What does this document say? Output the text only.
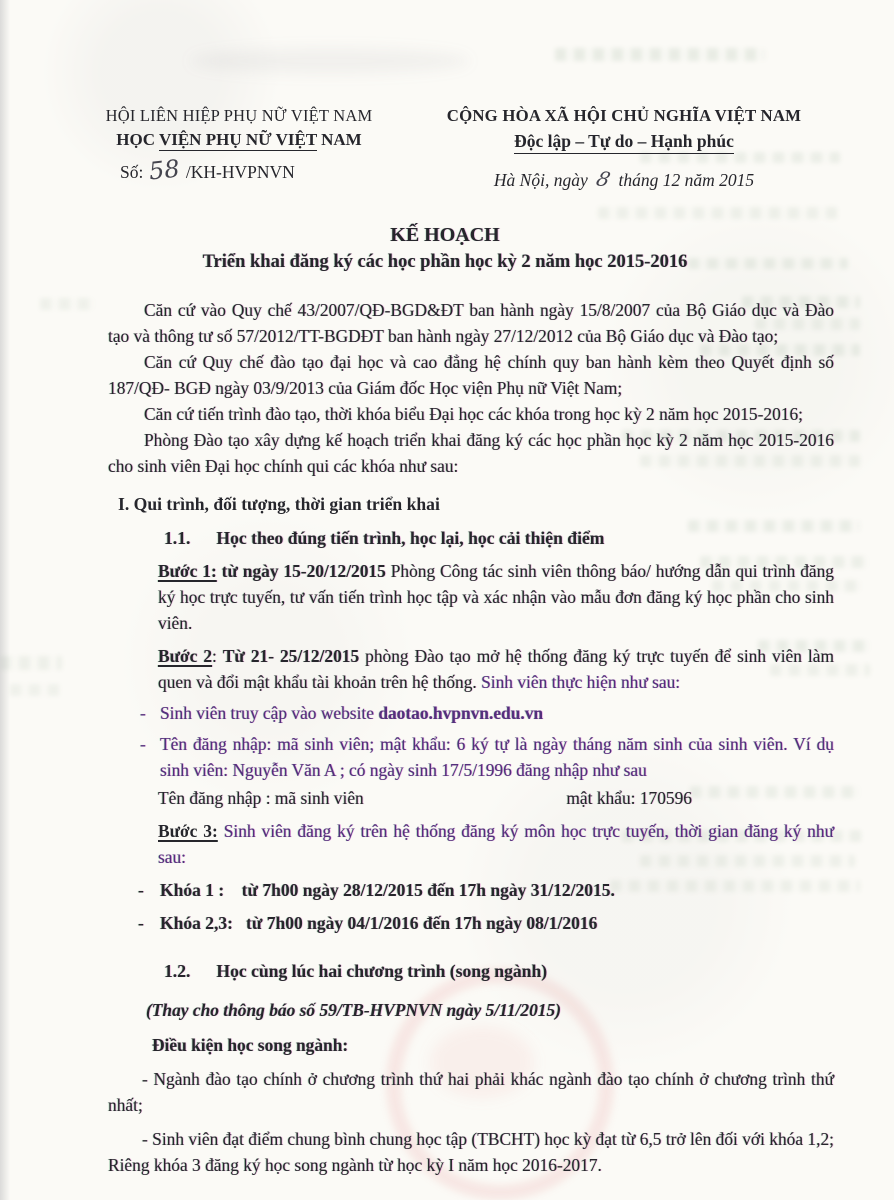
HỘI LIÊN HIỆP PHỤ NỮ VIỆT NAM
HỌC VIỆN PHỤ NỮ VIỆT NAM
Số: 58 /KH-HVPNVN
CỘNG HÒA XÃ HỘI CHỦ NGHĨA VIỆT NAM
Độc lập – Tự do – Hạnh phúc
Hà Nội, ngày 8 tháng 12 năm 2015
KẾ HOẠCH
Triển khai đăng ký các học phần học kỳ 2 năm học 2015-2016

Căn cứ vào Quy chế 43/2007/QĐ-BGD&ĐT ban hành ngày 15/8/2007 của Bộ Giáo dục và Đào tạo và thông tư số 57/2012/TT-BGDĐT ban hành ngày 27/12/2012 của Bộ Giáo dục và Đào tạo;

Căn cứ Quy chế đào tạo đại học và cao đẳng hệ chính quy ban hành kèm theo Quyết định số 187/QĐ- BGĐ ngày 03/9/2013 của Giám đốc Học viện Phụ nữ Việt Nam;

Căn cứ tiến trình đào tạo, thời khóa biểu Đại học các khóa trong học kỳ 2 năm học 2015-2016;

Phòng Đào tạo xây dựng kế hoạch triển khai đăng ký các học phần học kỳ 2 năm học 2015-2016 cho sinh viên Đại học chính qui các khóa như sau:

I. Qui trình, đối tượng, thời gian triển khai
1.1. Học theo đúng tiến trình, học lại, học cải thiện điểm

Bước 1: từ ngày 15-20/12/2015 Phòng Công tác sinh viên thông báo/ hướng dẫn qui trình đăng ký học trực tuyến, tư vấn tiến trình học tập và xác nhận vào mẫu đơn đăng ký học phần cho sinh viên.

Bước 2: Từ 21- 25/12/2015 phòng Đào tạo mở hệ thống đăng ký trực tuyến để sinh viên làm quen và đổi mật khẩu tài khoản trên hệ thống. Sinh viên thực hiện như sau:

- Sinh viên truy cập vào website daotao.hvpnvn.edu.vn
- Tên đăng nhập: mã sinh viên; mật khẩu: 6 ký tự là ngày tháng năm sinh của sinh viên. Ví dụ sinh viên: Nguyễn Văn A ; có ngày sinh 17/5/1996 đăng nhập như sau
Tên đăng nhập : mã sinh viên	mật khẩu: 170596

Bước 3: Sinh viên đăng ký trên hệ thống đăng ký môn học trực tuyến, thời gian đăng ký như sau:

- Khóa 1 :    từ 7h00 ngày 28/12/2015 đến 17h ngày 31/12/2015.
- Khóa 2,3:   từ 7h00 ngày 04/1/2016 đến 17h ngày 08/1/2016
1.2. Học cùng lúc hai chương trình (song ngành)
(Thay cho thông báo số 59/TB-HVPNVN ngày 5/11/2015)
Điều kiện học song ngành:

- Ngành đào tạo chính ở chương trình thứ hai phải khác ngành đào tạo chính ở chương trình thứ nhất;

- Sinh viên đạt điểm chung bình chung học tập (TBCHT) học kỳ đạt từ 6,5 trở lên đối với khóa 1,2; Riêng khóa 3 đăng ký học song ngành từ học kỳ I năm học 2016-2017.
